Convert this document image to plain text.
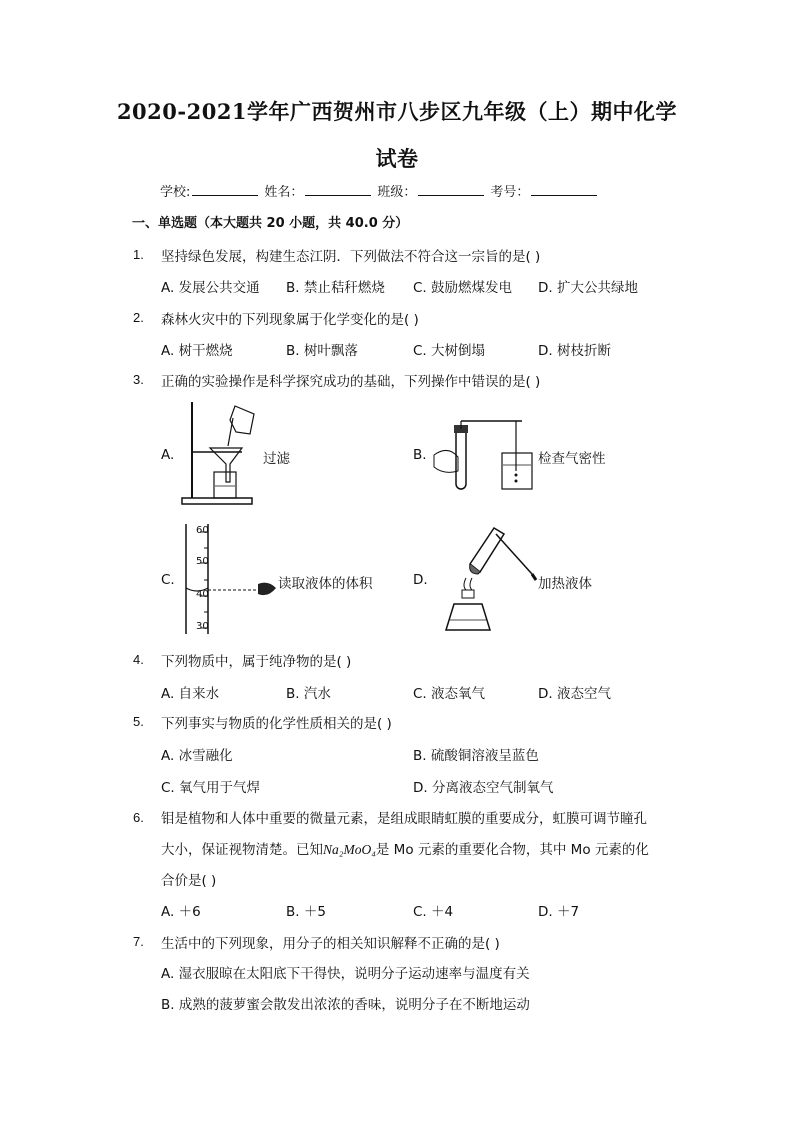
2020-2021学年广西贺州市八步区九年级（上）期中化学
试卷
学校:	姓名：	班级：	考号：
一、单选题（本大题共 20 小题，共 40.0 分）
1. 坚持绿色发展，构建生态江阴．下列做法不符合这一宗旨的是( )
A. 发展公共交通 B. 禁止秸秆燃烧 C. 鼓励燃煤发电 D. 扩大公共绿地
2. 森林火灾中的下列现象属于化学变化的是( )
A. 树干燃烧	B. 树叶飘落	C. 大树倒塌	D. 树枝折断
3. 正确的实验操作是科学探究成功的基础，下列操作中错误的是( )
A.	过滤	B.	检查气密性
C.
60
50
40
30
读取液体的体积	D.	加热液体
4. 下列物质中，属于纯净物的是( )
A. 自来水	B. 汽水	C. 液态氧气	D. 液态空气
5. 下列事实与物质的化学性质相关的是( )
A. 冰雪融化	B. 硫酸铜溶液呈蓝色
C. 氧气用于气焊	D. 分离液态空气制氧气
6. 钼是植物和人体中重要的微量元素，是组成眼睛虹膜的重要成分，虹膜可调节瞳孔
大小，保证视物清楚。已知Na₂MoO₄是 Mo 元素的重要化合物，其中 Mo 元素的化
合价是( )
A. ＋6	B. ＋5	C. ＋4	D. ＋7
7. 生活中的下列现象，用分子的相关知识解释不正确的是( )
A. 湿衣服晾在太阳底下干得快，说明分子运动速率与温度有关
B. 成熟的菠萝蜜会散发出浓浓的香味，说明分子在不断地运动
